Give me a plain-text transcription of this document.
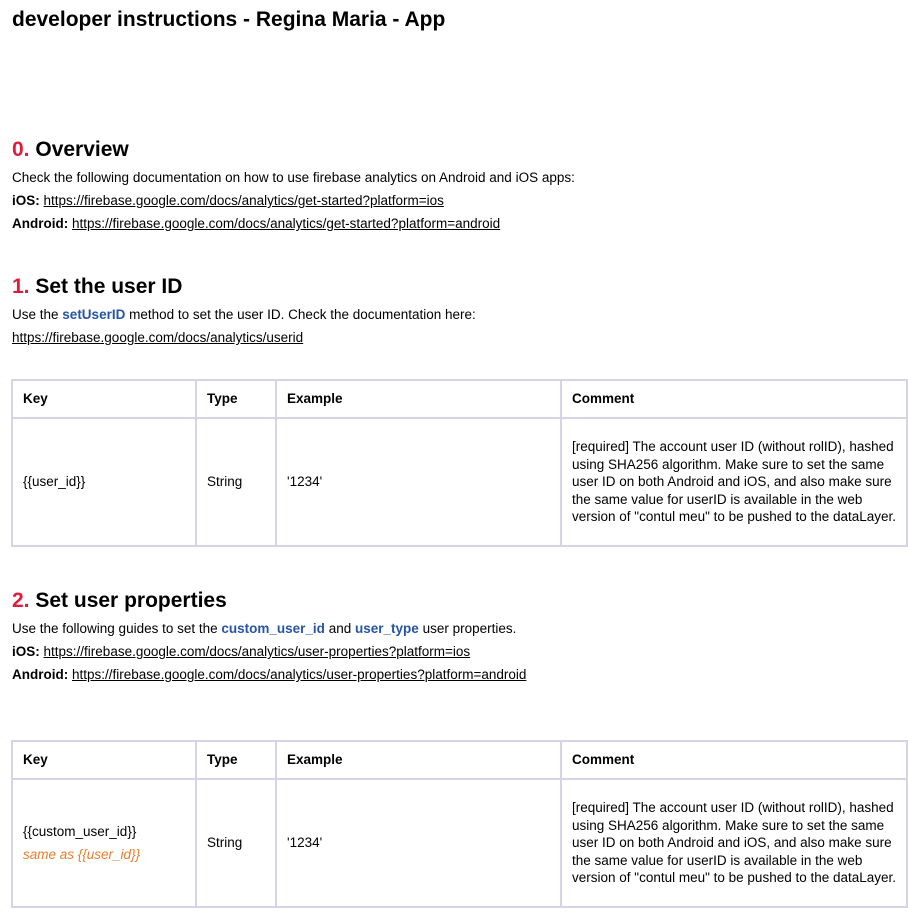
developer instructions - Regina Maria - App
0. Overview

Check the following documentation on how to use firebase analytics on Android and iOS apps:

iOS: https://firebase.google.com/docs/analytics/get-started?platform=ios

Android: https://firebase.google.com/docs/analytics/get-started?platform=android

1. Set the user ID

Use the setUserID method to set the user ID. Check the documentation here:

https://firebase.google.com/docs/analytics/userid

Key	Type	Example	Comment
{{user_id}}	String	'1234'	[required] The account user ID (without rolID), hashed using SHA256 algorithm. Make sure to set the same user ID on both Android and iOS, and also make sure the same value for userID is available in the web version of "contul meu" to be pushed to the dataLayer.
2. Set user properties

Use the following guides to set the custom_user_id and user_type user properties.

iOS: https://firebase.google.com/docs/analytics/user-properties?platform=ios

Android: https://firebase.google.com/docs/analytics/user-properties?platform=android

Key	Type	Example	Comment

{{custom_user_id}}
same as {{user_id}}	String	'1234'	[required] The account user ID (without rolID), hashed using SHA256 algorithm. Make sure to set the same user ID on both Android and iOS, and also make sure the same value for userID is available in the web version of "contul meu" to be pushed to the dataLayer.
